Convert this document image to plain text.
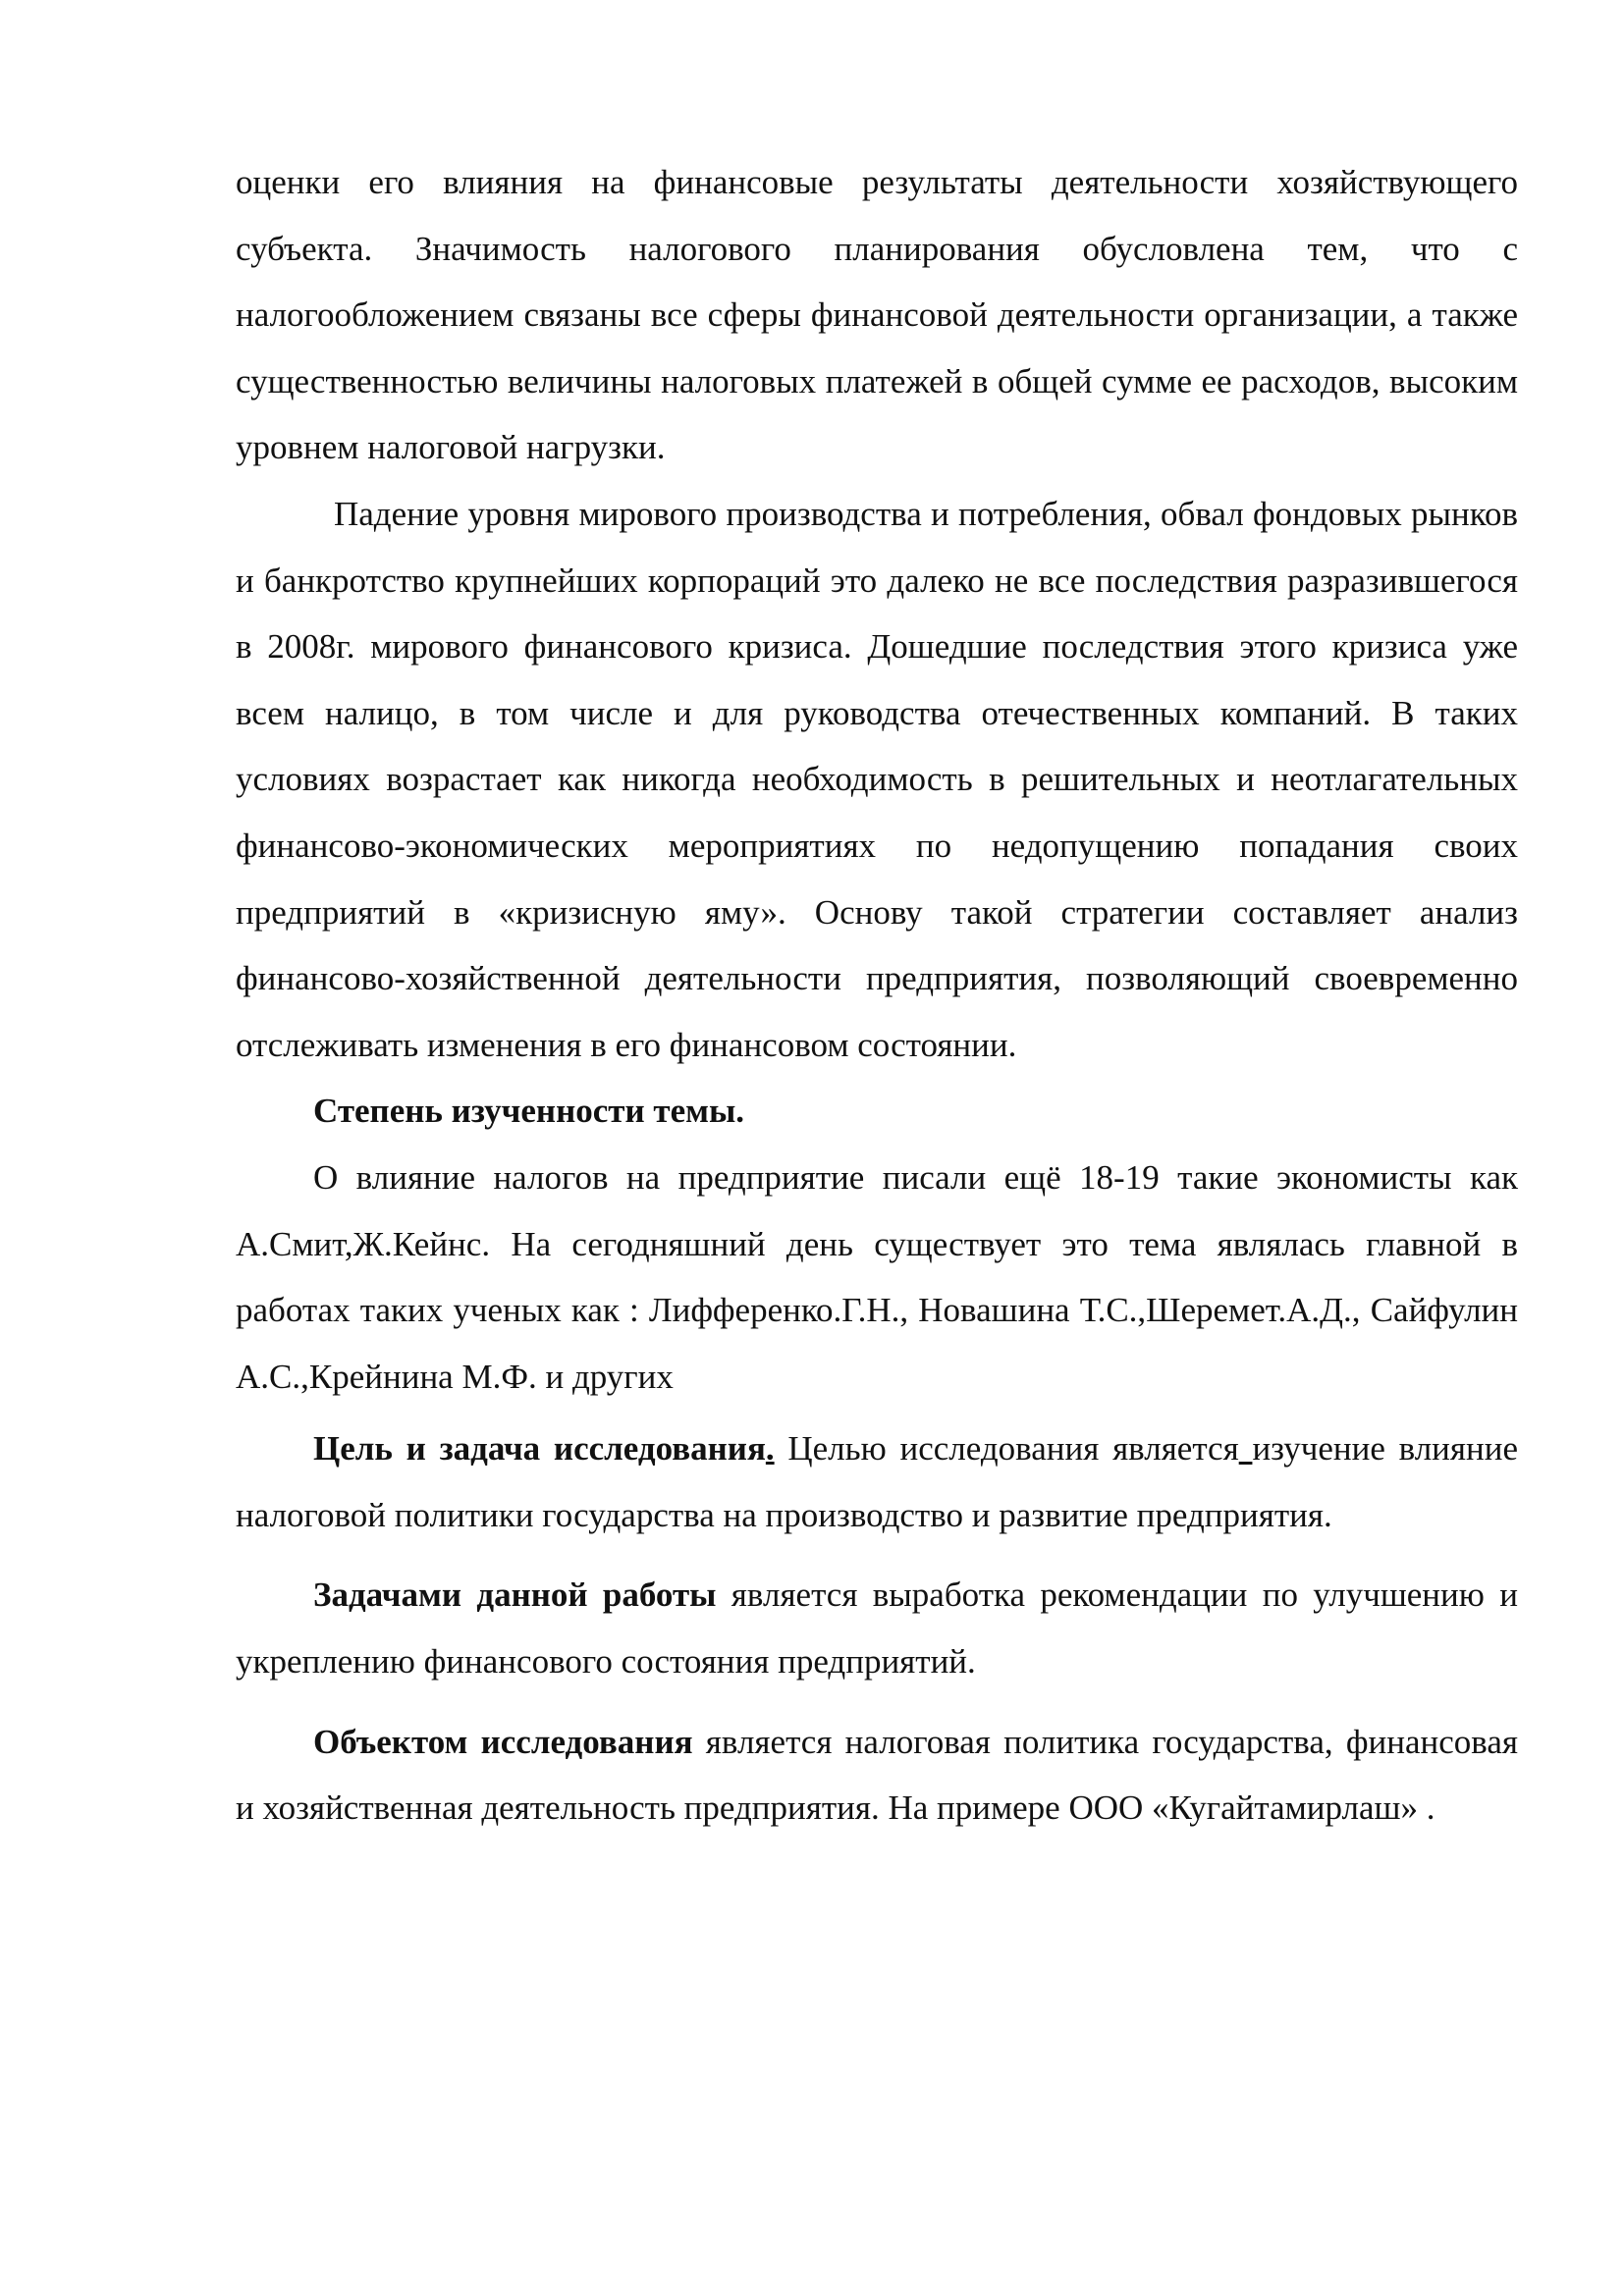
оценки его влияния на финансовые результаты деятельности хозяйствующего субъекта. Значимость налогового планирования обусловлена тем, что с налогообложением связаны все сферы финансовой деятельности организации, а также существенностью величины налоговых платежей в общей сумме ее расходов, высоким уровнем налоговой нагрузки.

Падение уровня мирового производства и потребления, обвал фондовых рынков и банкротство крупнейших корпораций это далеко не все последствия разразившегося в 2008г. мирового финансового кризиса. Дошедшие последствия этого кризиса уже всем налицо, в том числе и для руководства отечественных компаний. В таких условиях возрастает как никогда необходимость в решительных и неотлагательных финансово-экономических мероприятиях по недопущению попадания своих предприятий в «кризисную яму». Основу такой стратегии составляет анализ финансово-хозяйственной деятельности предприятия, позволяющий своевременно отслеживать изменения в его финансовом состоянии.

Степень изученности темы.

О влияние налогов на предприятие писали ещё 18-19 такие экономисты как А.Смит,Ж.Кейнс. На сегодняшний день существует это тема являлась главной в работах таких ученых как : Лифференко.Г.Н., Новашина Т.С.,Шеремет.А.Д., Сайфулин А.С.,Крейнина М.Ф. и других

Цель и задача исследования. Целью исследования является изучение влияние налоговой политики государства на производство и развитие предприятия.

Задачами данной работы является выработка рекомендации по улучшению и укреплению финансового состояния предприятий.

Объектом исследования является налоговая политика государства, финансовая и хозяйственная деятельность предприятия. На примере ООО «Кугайтамирлаш» .
